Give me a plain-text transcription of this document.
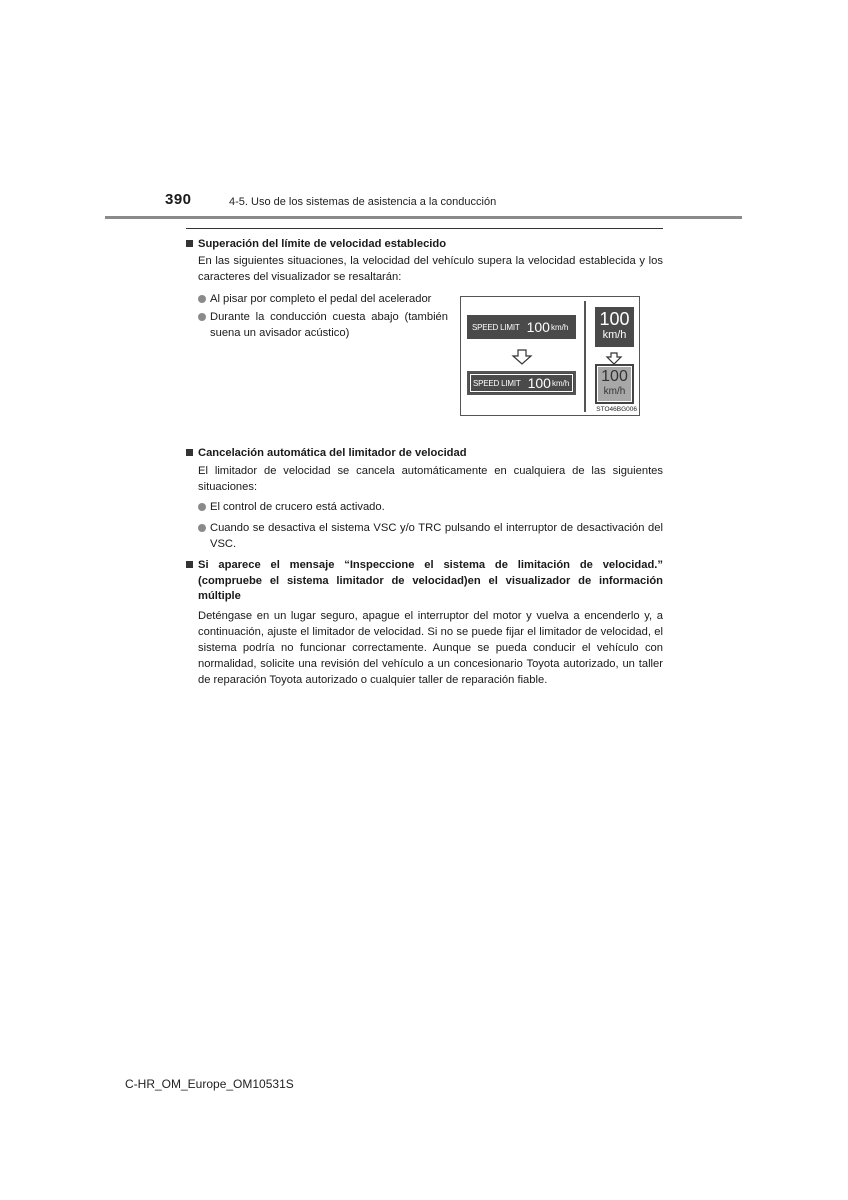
390	4-5. Uso de los sistemas de asistencia a la conducción
Superación del límite de velocidad establecido
En las siguientes situaciones, la velocidad del vehículo supera la velocidad establecida y los caracteres del visualizador se resaltarán:
Al pisar por completo el pedal del acelerador
Durante la conducción cuesta abajo (también suena un avisador acústico)
Cancelación automática del limitador de velocidad
El limitador de velocidad se cancela automáticamente en cualquiera de las siguientes situaciones:
El control de crucero está activado.
Cuando se desactiva el sistema VSC y/o TRC pulsando el interruptor de desactivación del VSC.
Si aparece el mensaje “Inspeccione el sistema de limitación de velocidad.” (compruebe el sistema limitador de velocidad)en el visualizador de información múltiple
Deténgase en un lugar seguro, apague el interruptor del motor y vuelva a encenderlo y, a continuación, ajuste el limitador de velocidad. Si no se puede fijar el limitador de velocidad, el sistema podría no funcionar correctamente. Aunque se pueda conducir el vehículo con normalidad, solicite una revisión del vehículo a un concesionario Toyota autorizado, un taller de reparación Toyota autorizado o cualquier taller de reparación fiable.
SPEED LIMIT 100 km/h
SPEED LIMIT 100 km/h
100
km/h
100
km/h
STO46BG006
C-HR_OM_Europe_OM10531S
